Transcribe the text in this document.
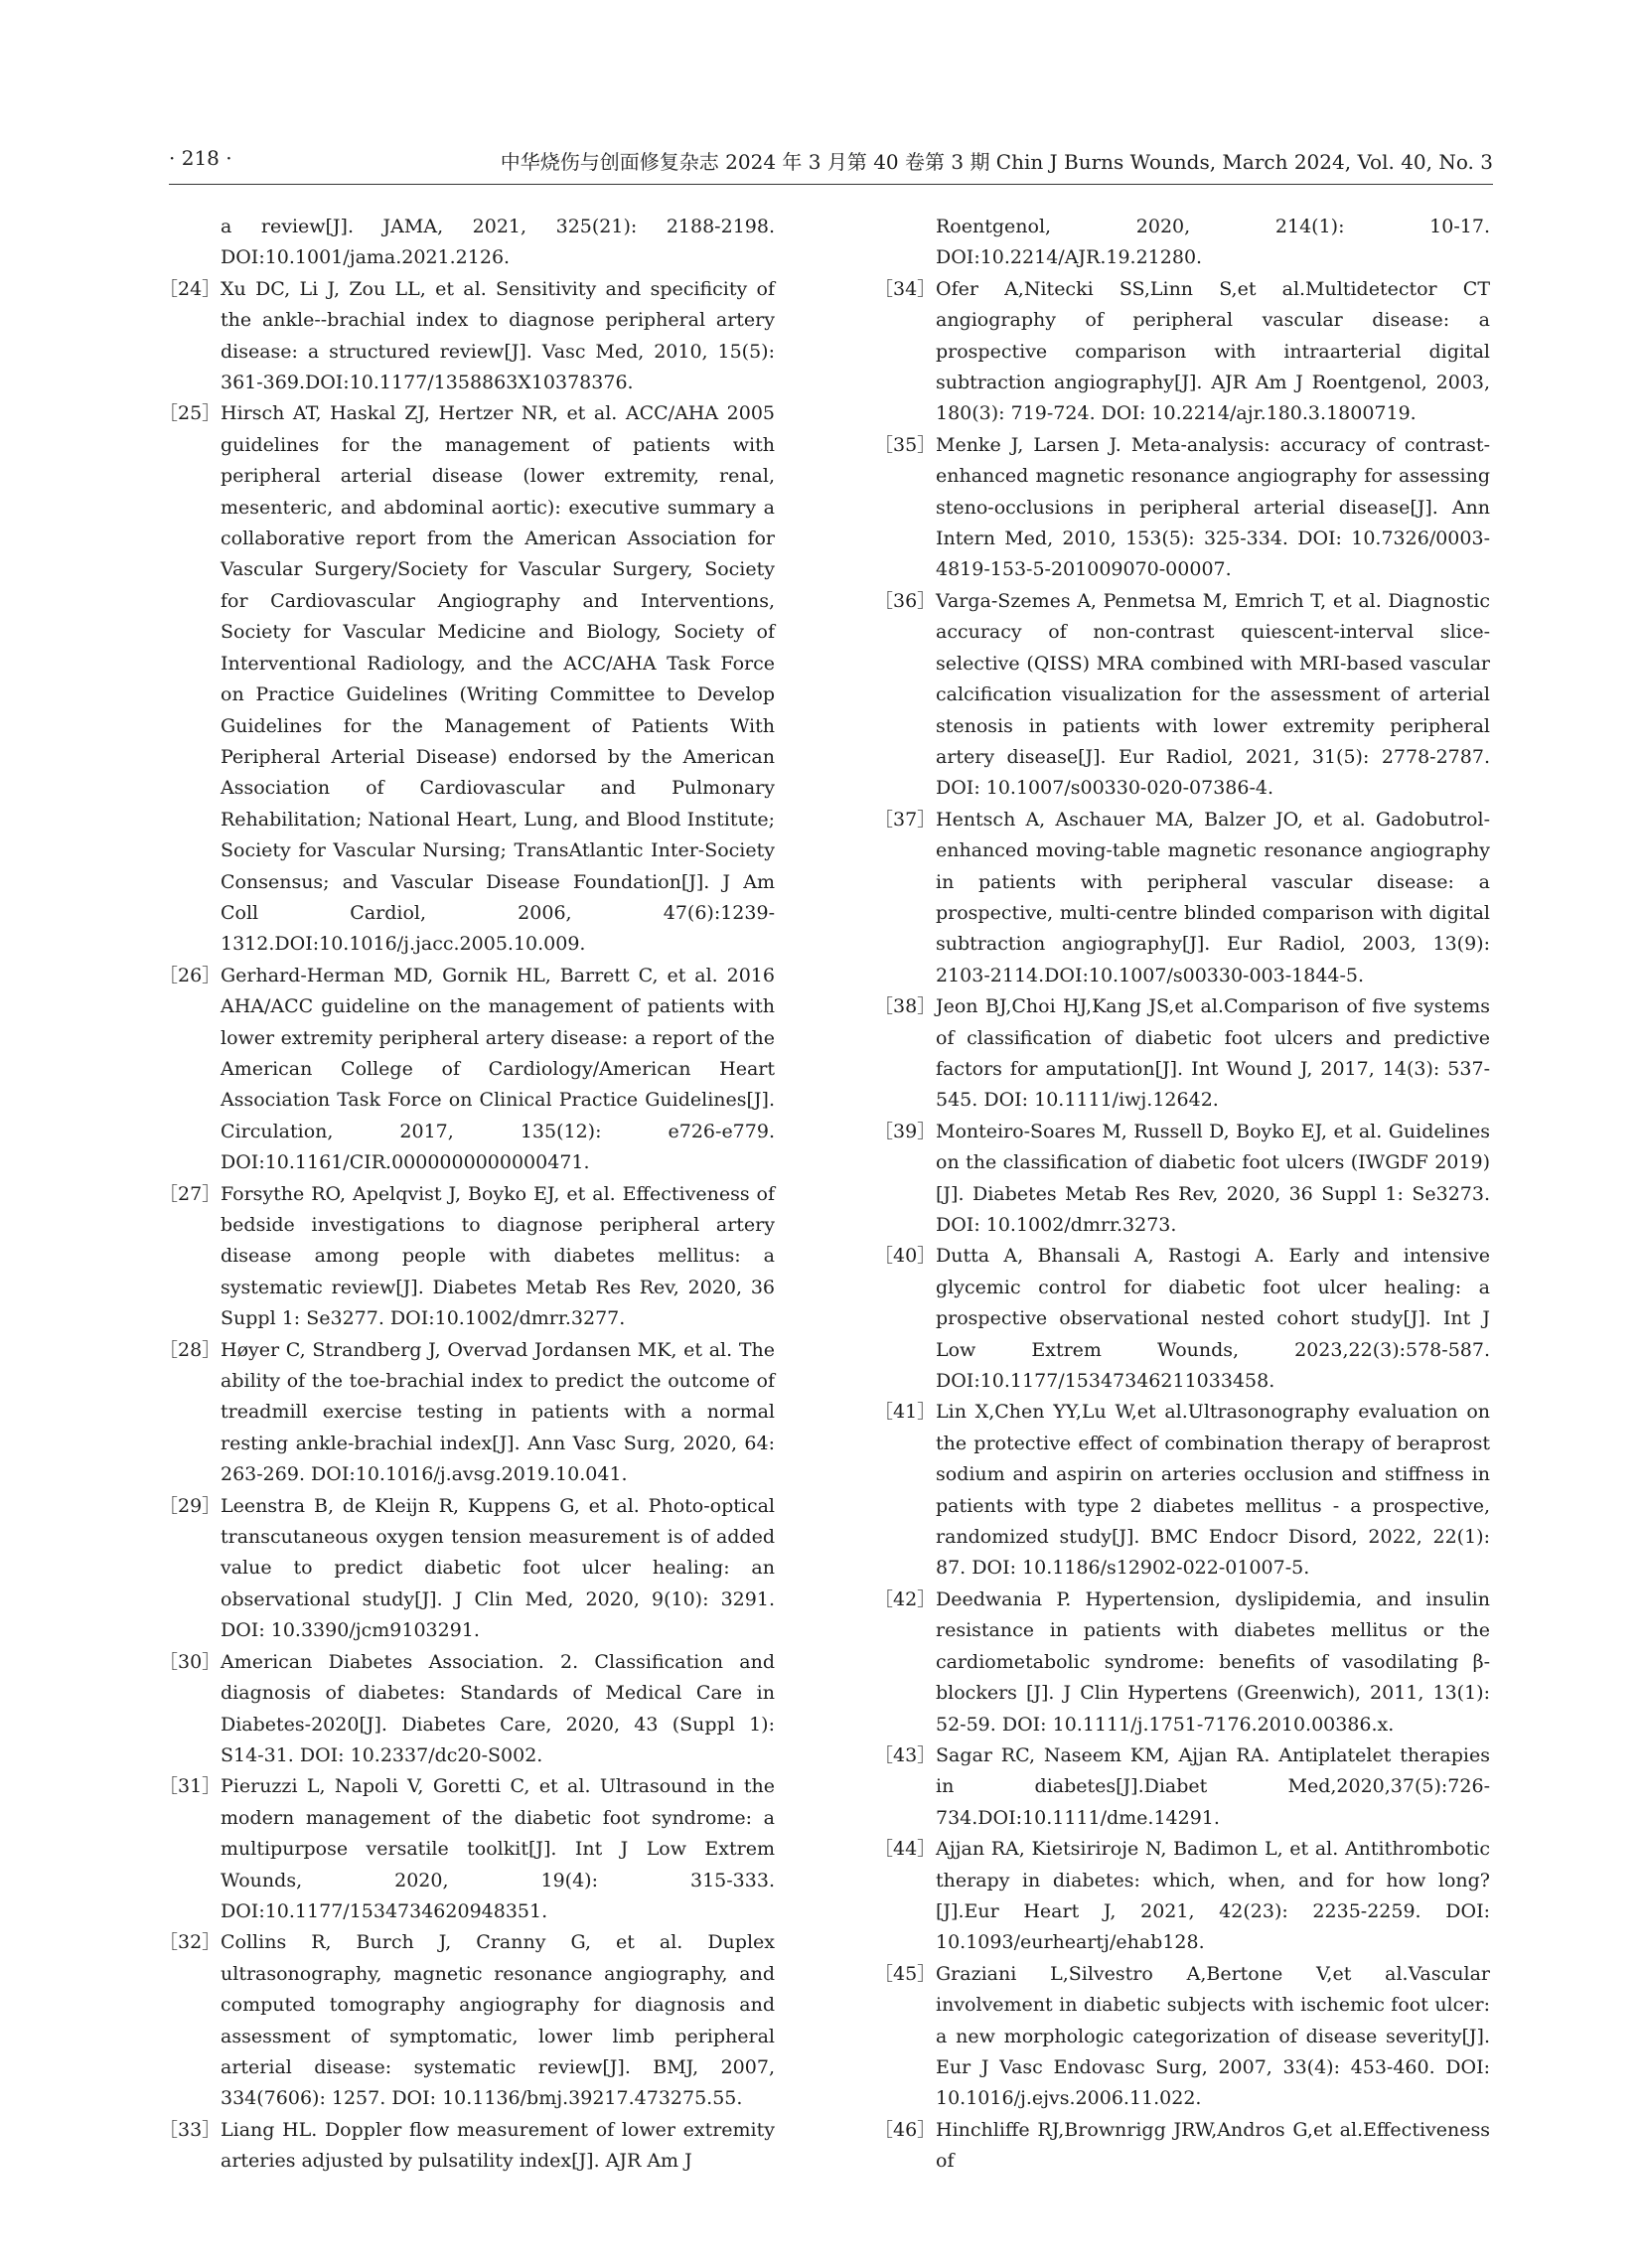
· 218 ·	中华烧伤与创面修复杂志 2024 年 3 月第 40 卷第 3 期 Chin J Burns Wounds, March 2024, Vol. 40, No. 3
a review[J]. JAMA, 2021, 325(21): 2188-2198. DOI:10.1001/jama.2021.2126.
［24］ Xu DC, Li J, Zou LL, et al. Sensitivity and specificity of the ankle--brachial index to diagnose peripheral artery disease: a structured review[J]. Vasc Med, 2010, 15(5): 361-369.DOI:10.1177/1358863X10378376.
［25］ Hirsch AT, Haskal ZJ, Hertzer NR, et al. ACC/AHA 2005 guidelines for the management of patients with peripheral arterial disease (lower extremity, renal, mesenteric, and abdominal aortic): executive summary a collaborative report from the American Association for Vascular Surgery/Society for Vascular Surgery, Society for Cardiovascular Angiography and Interventions, Society for Vascular Medicine and Biology, Society of Interventional Radiology, and the ACC/AHA Task Force on Practice Guidelines (Writing Committee to Develop Guidelines for the Management of Patients With Peripheral Arterial Disease) endorsed by the American Association of Cardiovascular and Pulmonary Rehabilitation; National Heart, Lung, and Blood Institute; Society for Vascular Nursing; TransAtlantic Inter-Society Consensus; and Vascular Disease Foundation[J]. J Am Coll Cardiol, 2006, 47(6):1239-1312.DOI:10.1016/j.jacc.2005.10.009.
［26］ Gerhard-Herman MD, Gornik HL, Barrett C, et al. 2016 AHA/ACC guideline on the management of patients with lower extremity peripheral artery disease: a report of the American College of Cardiology/American Heart Association Task Force on Clinical Practice Guidelines[J]. Circulation, 2017, 135(12): e726-e779. DOI:10.1161/CIR.0000000000000471.
［27］ Forsythe RO, Apelqvist J, Boyko EJ, et al. Effectiveness of bedside investigations to diagnose peripheral artery disease among people with diabetes mellitus: a systematic review[J]. Diabetes Metab Res Rev, 2020, 36 Suppl 1: Se3277. DOI:10.1002/dmrr.3277.
［28］ Høyer C, Strandberg J, Overvad Jordansen MK, et al. The ability of the toe-brachial index to predict the outcome of treadmill exercise testing in patients with a normal resting ankle-brachial index[J]. Ann Vasc Surg, 2020, 64: 263-269. DOI:10.1016/j.avsg.2019.10.041.
［29］ Leenstra B, de Kleijn R, Kuppens G, et al. Photo-optical transcutaneous oxygen tension measurement is of added value to predict diabetic foot ulcer healing: an observational study[J]. J Clin Med, 2020, 9(10): 3291. DOI: 10.3390/jcm9103291.
［30］ American Diabetes Association. 2. Classification and diagnosis of diabetes: Standards of Medical Care in Diabetes-2020[J]. Diabetes Care, 2020, 43 (Suppl 1): S14-31. DOI: 10.2337/dc20-S002.
［31］ Pieruzzi L, Napoli V, Goretti C, et al. Ultrasound in the modern management of the diabetic foot syndrome: a multipurpose versatile toolkit[J]. Int J Low Extrem Wounds, 2020, 19(4): 315-333. DOI:10.1177/1534734620948351.
［32］ Collins R, Burch J, Cranny G, et al. Duplex ultrasonography, magnetic resonance angiography, and computed tomography angiography for diagnosis and assessment of symptomatic, lower limb peripheral arterial disease: systematic review[J]. BMJ, 2007, 334(7606): 1257. DOI: 10.1136/bmj.39217.473275.55.
［33］ Liang HL. Doppler flow measurement of lower extremity arteries adjusted by pulsatility index[J]. AJR Am J
Roentgenol, 2020, 214(1): 10-17. DOI:10.2214/AJR.19.21280.
［34］ Ofer A,Nitecki SS,Linn S,et al.Multidetector CT angiography of peripheral vascular disease: a prospective comparison with intraarterial digital subtraction angiography[J]. AJR Am J Roentgenol, 2003, 180(3): 719-724. DOI: 10.2214/ajr.180.3.1800719.
［35］ Menke J, Larsen J. Meta-analysis: accuracy of contrast-enhanced magnetic resonance angiography for assessing steno-occlusions in peripheral arterial disease[J]. Ann Intern Med, 2010, 153(5): 325-334. DOI: 10.7326/0003-4819-153-5-201009070-00007.
［36］ Varga-Szemes A, Penmetsa M, Emrich T, et al. Diagnostic accuracy of non-contrast quiescent-interval slice-selective (QISS) MRA combined with MRI-based vascular calcification visualization for the assessment of arterial stenosis in patients with lower extremity peripheral artery disease[J]. Eur Radiol, 2021, 31(5): 2778-2787. DOI: 10.1007/s00330-020-07386-4.
［37］ Hentsch A, Aschauer MA, Balzer JO, et al. Gadobutrol-enhanced moving-table magnetic resonance angiography in patients with peripheral vascular disease: a prospective, multi-centre blinded comparison with digital subtraction angiography[J]. Eur Radiol, 2003, 13(9): 2103-2114.DOI:10.1007/s00330-003-1844-5.
［38］ Jeon BJ,Choi HJ,Kang JS,et al.Comparison of five systems of classification of diabetic foot ulcers and predictive factors for amputation[J]. Int Wound J, 2017, 14(3): 537-545. DOI: 10.1111/iwj.12642.
［39］ Monteiro-Soares M, Russell D, Boyko EJ, et al. Guidelines on the classification of diabetic foot ulcers (IWGDF 2019) [J]. Diabetes Metab Res Rev, 2020, 36 Suppl 1: Se3273. DOI: 10.1002/dmrr.3273.
［40］ Dutta A, Bhansali A, Rastogi A. Early and intensive glycemic control for diabetic foot ulcer healing: a prospective observational nested cohort study[J]. Int J Low Extrem Wounds, 2023,22(3):578-587. DOI:10.1177/15347346211033458.
［41］ Lin X,Chen YY,Lu W,et al.Ultrasonography evaluation on the protective effect of combination therapy of beraprost sodium and aspirin on arteries occlusion and stiffness in patients with type 2 diabetes mellitus - a prospective, randomized study[J]. BMC Endocr Disord, 2022, 22(1): 87. DOI: 10.1186/s12902-022-01007-5.
［42］ Deedwania P. Hypertension, dyslipidemia, and insulin resistance in patients with diabetes mellitus or the cardiometabolic syndrome: benefits of vasodilating β-blockers [J]. J Clin Hypertens (Greenwich), 2011, 13(1): 52-59. DOI: 10.1111/j.1751-7176.2010.00386.x.
［43］ Sagar RC, Naseem KM, Ajjan RA. Antiplatelet therapies in diabetes[J].Diabet Med,2020,37(5):726-734.DOI:10.1111/dme.14291.
［44］ Ajjan RA, Kietsiriroje N, Badimon L, et al. Antithrombotic therapy in diabetes: which, when, and for how long?[J].Eur Heart J, 2021, 42(23): 2235-2259. DOI: 10.1093/eurheartj/ehab128.
［45］ Graziani L,Silvestro A,Bertone V,et al.Vascular involvement in diabetic subjects with ischemic foot ulcer: a new morphologic categorization of disease severity[J]. Eur J Vasc Endovasc Surg, 2007, 33(4): 453-460. DOI: 10.1016/j.ejvs.2006.11.022.
［46］ Hinchliffe RJ,Brownrigg JRW,Andros G,et al.Effectiveness of
